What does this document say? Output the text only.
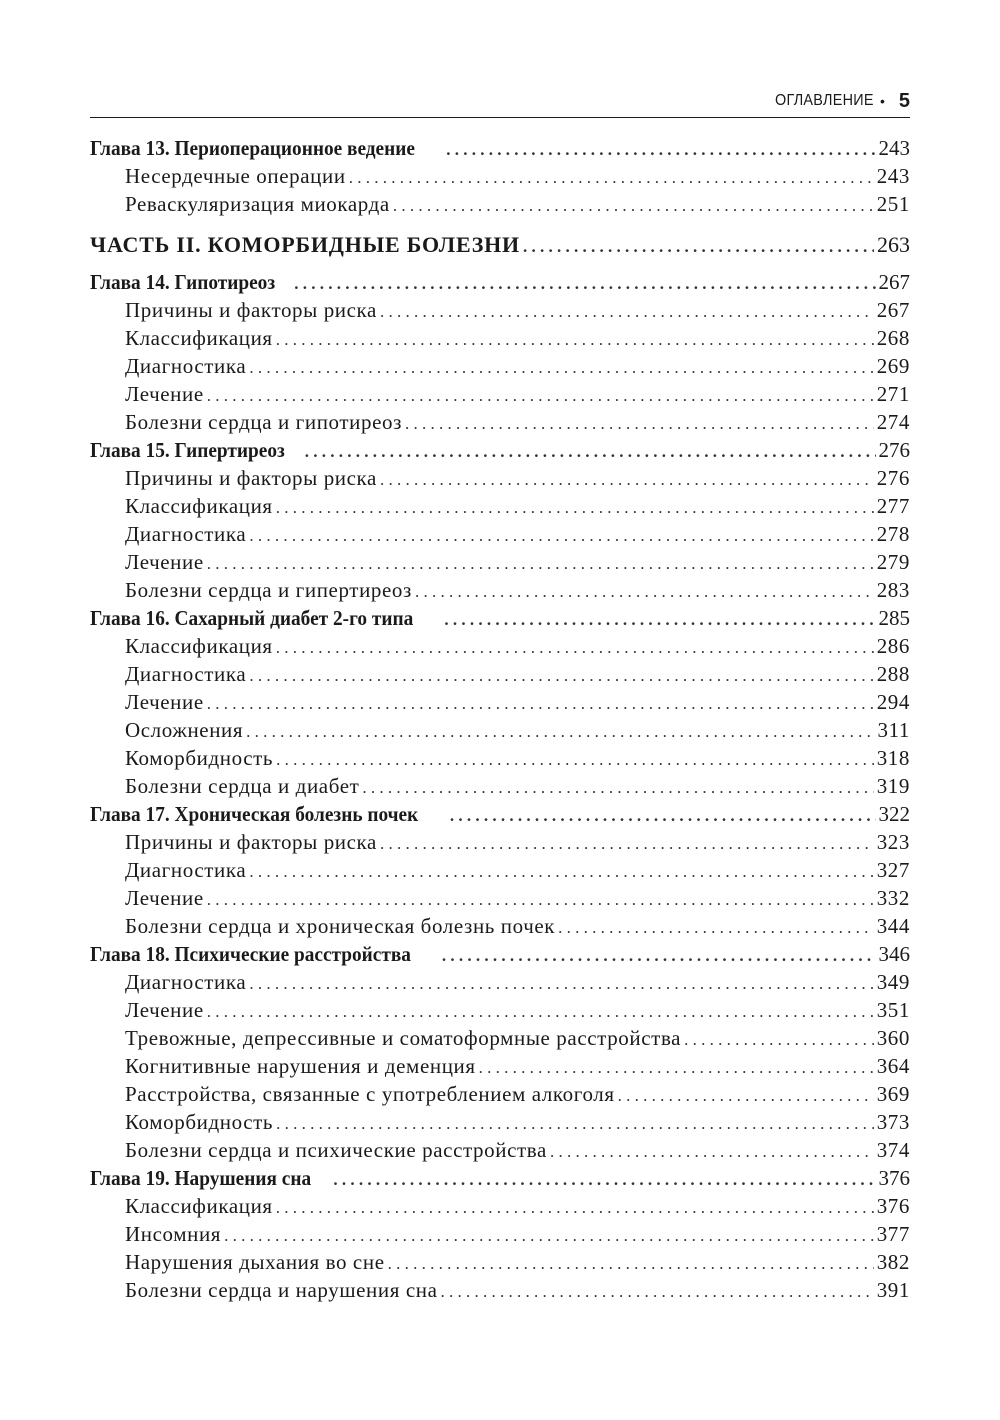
ОГЛАВЛЕНИЕ • 5
Глава 13. Периоперационное ведение . . .	243
Несердечные операции . . .	243
Реваскуляризация миокарда . . .	251
ЧАСТЬ II. КОМОРБИДНЫЕ БОЛЕЗНИ . . .	263
Глава 14. Гипотиреоз . . .	267
Причины и факторы риска . . .	267
Классификация . . .	268
Диагностика . . .	269
Лечение . . .	271
Болезни сердца и гипотиреоз . . .	274
Глава 15. Гипертиреоз . . .	276
Причины и факторы риска . . .	276
Классификация . . .	277
Диагностика . . .	278
Лечение . . .	279
Болезни сердца и гипертиреоз . . .	283
Глава 16. Сахарный диабет 2-го типа . . .	285
Классификация . . .	286
Диагностика . . .	288
Лечение . . .	294
Осложнения . . .	311
Коморбидность . . .	318
Болезни сердца и диабет . . .	319
Глава 17. Хроническая болезнь почек . . .	322
Причины и факторы риска . . .	323
Диагностика . . .	327
Лечение . . .	332
Болезни сердца и хроническая болезнь почек . . .	344
Глава 18. Психические расстройства . . .	346
Диагностика . . .	349
Лечение . . .	351
Тревожные, депрессивные и соматоформные расстройства . . .	360
Когнитивные нарушения и деменция . . .	364
Расстройства, связанные с употреблением алкоголя . . .	369
Коморбидность . . .	373
Болезни сердца и психические расстройства . . .	374
Глава 19. Нарушения сна . . .	376
Классификация . . .	376
Инсомния . . .	377
Нарушения дыхания во сне . . .	382
Болезни сердца и нарушения сна . . .	391
